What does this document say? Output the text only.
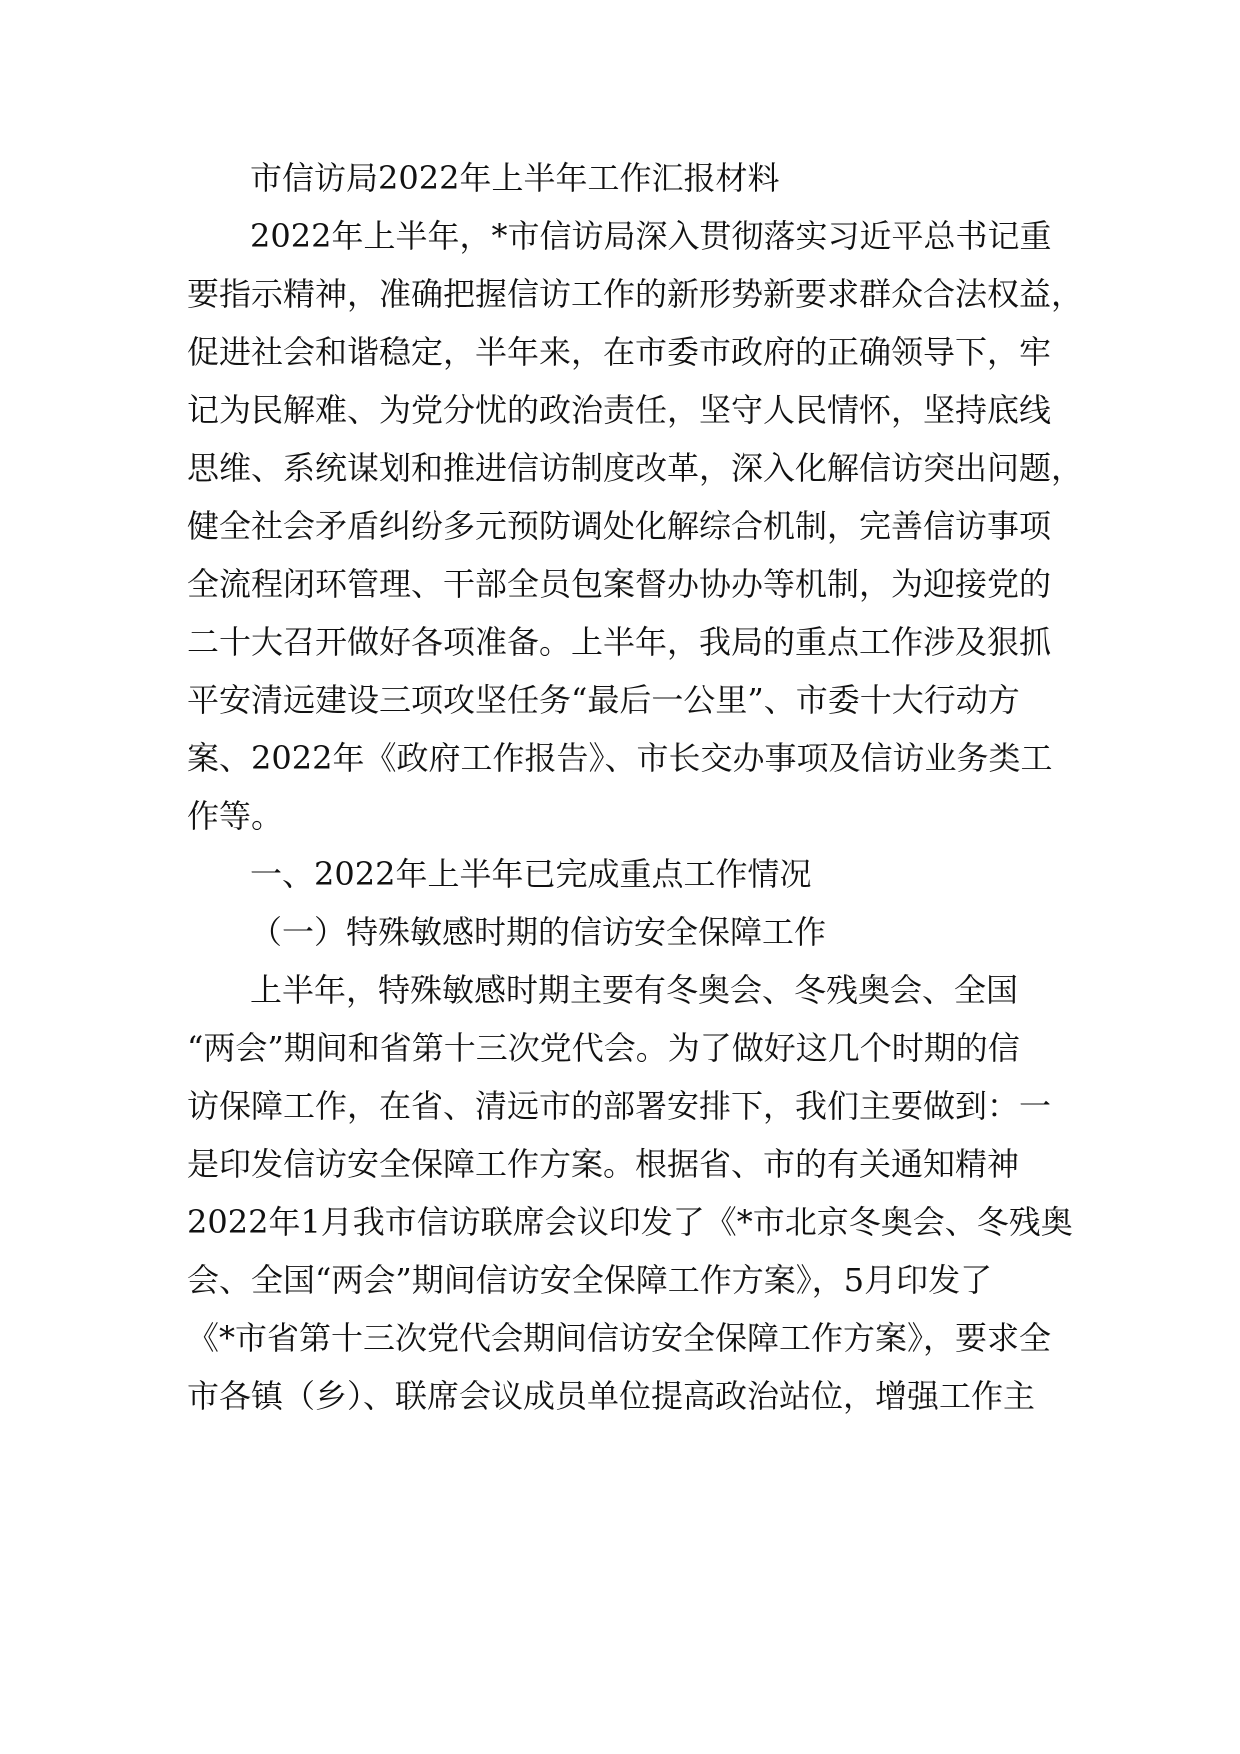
市信访局2022年上半年工作汇报材料
2022年上半年，*市信访局深入贯彻落实习近平总书记重
要指示精神，准确把握信访工作的新形势新要求群众合法权益，
促进社会和谐稳定，半年来，在市委市政府的正确领导下，牢
记为民解难、为党分忧的政治责任，坚守人民情怀，坚持底线
思维、系统谋划和推进信访制度改革，深入化解信访突出问题，
健全社会矛盾纠纷多元预防调处化解综合机制，完善信访事项
全流程闭环管理、干部全员包案督办协办等机制，为迎接党的
二十大召开做好各项准备。上半年，我局的重点工作涉及狠抓
平安清远建设三项攻坚任务“最后一公里”、市委十大行动方
案、2022年《政府工作报告》、市长交办事项及信访业务类工
作等。
一、2022年上半年已完成重点工作情况
（一）特殊敏感时期的信访安全保障工作
上半年，特殊敏感时期主要有冬奥会、冬残奥会、全国
“两会”期间和省第十三次党代会。为了做好这几个时期的信
访保障工作，在省、清远市的部署安排下，我们主要做到：一
是印发信访安全保障工作方案。根据省、市的有关通知精神
2022年1月我市信访联席会议印发了《*市北京冬奥会、冬残奥
会、全国“两会”期间信访安全保障工作方案》，5月印发了
《*市省第十三次党代会期间信访安全保障工作方案》，要求全
市各镇（乡）、联席会议成员单位提高政治站位，增强工作主
